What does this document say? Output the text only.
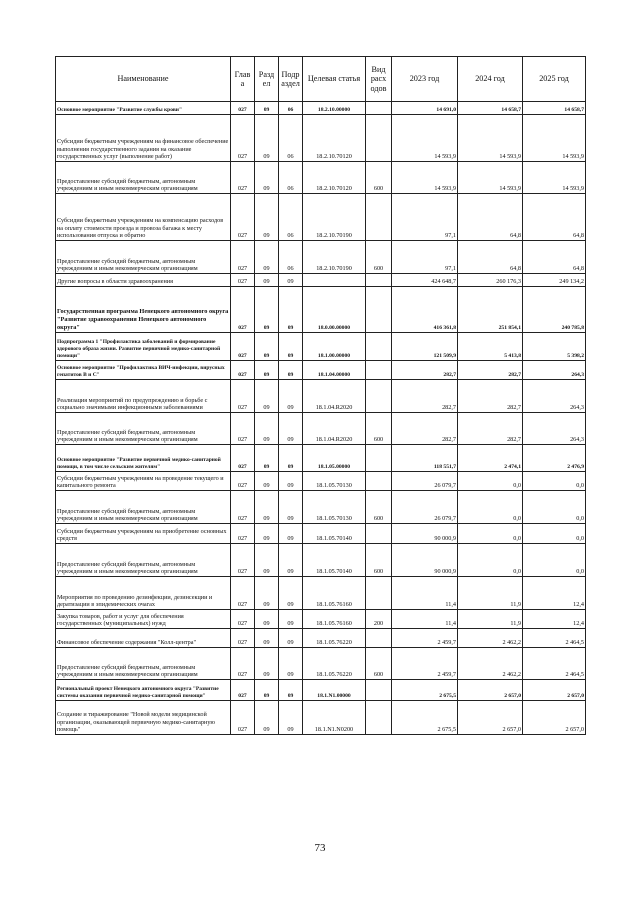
Наименование	Глав а	Разд ел	Подр аздел	Целевая статья	Вид расх одов	2023 год	2024 год	2025 год
Основное мероприятие "Развитие службы крови"	027	09	06	18.2.10.00000		14 691,0	14 658,7	14 658,7
Субсидии бюджетным учреждениям на финансовое обеспечение выполнения государственного задания на оказание государственных услуг (выполнение работ)	027	09	06	18.2.10.70120		14 593,9	14 593,9	14 593,9
Предоставление субсидий бюджетным, автономным учреждениям и иным некоммерческим организациям	027	09	06	18.2.10.70120	600	14 593,9	14 593,9	14 593,9
Субсидии бюджетным учреждениям на компенсацию расходов на оплату стоимости проезда и провоза багажа к месту использования отпуска и обратно	027	09	06	18.2.10.70190		97,1	64,8	64,8
Предоставление субсидий бюджетным, автономным учреждениям и иным некоммерческим организациям	027	09	06	18.2.10.70190	600	97,1	64,8	64,8
Другие вопросы в области здравоохранения	027	09	09			424 648,7	260 176,3	249 134,2
Государственная программа Ненецкого автономного округа "Развитие здравоохранения Ненецкого автономного округа"	027	09	09	18.0.00.00000		416 361,8	251 854,1	240 785,8
Подпрограмма 1 "Профилактика заболеваний и формирование здорового образа жизни. Развитие первичной медико-санитарной помощи"	027	09	09	18.1.00.00000		121 509,9	5 413,8	5 398,2
Основное мероприятие "Профилактика ВИЧ-инфекции, вирусных гепатитов В и С"	027	09	09	18.1.04.00000		282,7	282,7	264,3
Реализация мероприятий по предупреждению и борьбе с социально значимыми инфекционными заболеваниями	027	09	09	18.1.04.R2020		282,7	282,7	264,3
Предоставление субсидий бюджетным, автономным учреждениям и иным некоммерческим организациям	027	09	09	18.1.04.R2020	600	282,7	282,7	264,3
Основное мероприятие "Развитие первичной медико-санитарной помощи, в том числе сельским жителям"	027	09	09	18.1.05.00000		118 551,7	2 474,1	2 476,9
Субсидии бюджетным учреждениям на проведение текущего и капитального ремонта	027	09	09	18.1.05.70130		26 079,7	0,0	0,0
Предоставление субсидий бюджетным, автономным учреждениям и иным некоммерческим организациям	027	09	09	18.1.05.70130	600	26 079,7	0,0	0,0
Субсидии бюджетным учреждениям на приобретение основных средств	027	09	09	18.1.05.70140		90 000,9	0,0	0,0
Предоставление субсидий бюджетным, автономным учреждениям и иным некоммерческим организациям	027	09	09	18.1.05.70140	600	90 000,9	0,0	0,0
Мероприятия по проведению дезинфекции, дезинсекции и дератизации в эпидемических очагах	027	09	09	18.1.05.76160		11,4	11,9	12,4
Закупка товаров, работ и услуг для обеспечения государственных (муниципальных) нужд	027	09	09	18.1.05.76160	200	11,4	11,9	12,4
Финансовое обеспечение содержания "Колл-центра"	027	09	09	18.1.05.76220		2 459,7	2 462,2	2 464,5
Предоставление субсидий бюджетным, автономным учреждениям и иным некоммерческим организациям	027	09	09	18.1.05.76220	600	2 459,7	2 462,2	2 464,5
Региональный проект Ненецкого автономного округа "Развитие системы оказания первичной медико-санитарной помощи"	027	09	09	18.1.N1.00000		2 675,5	2 657,0	2 657,0
Создание и тиражирование "Новой модели медицинской организации, оказывающей первичную медико-санитарную помощь"	027	09	09	18.1.N1.N0200		2 675,5	2 657,0	2 657,0
73
